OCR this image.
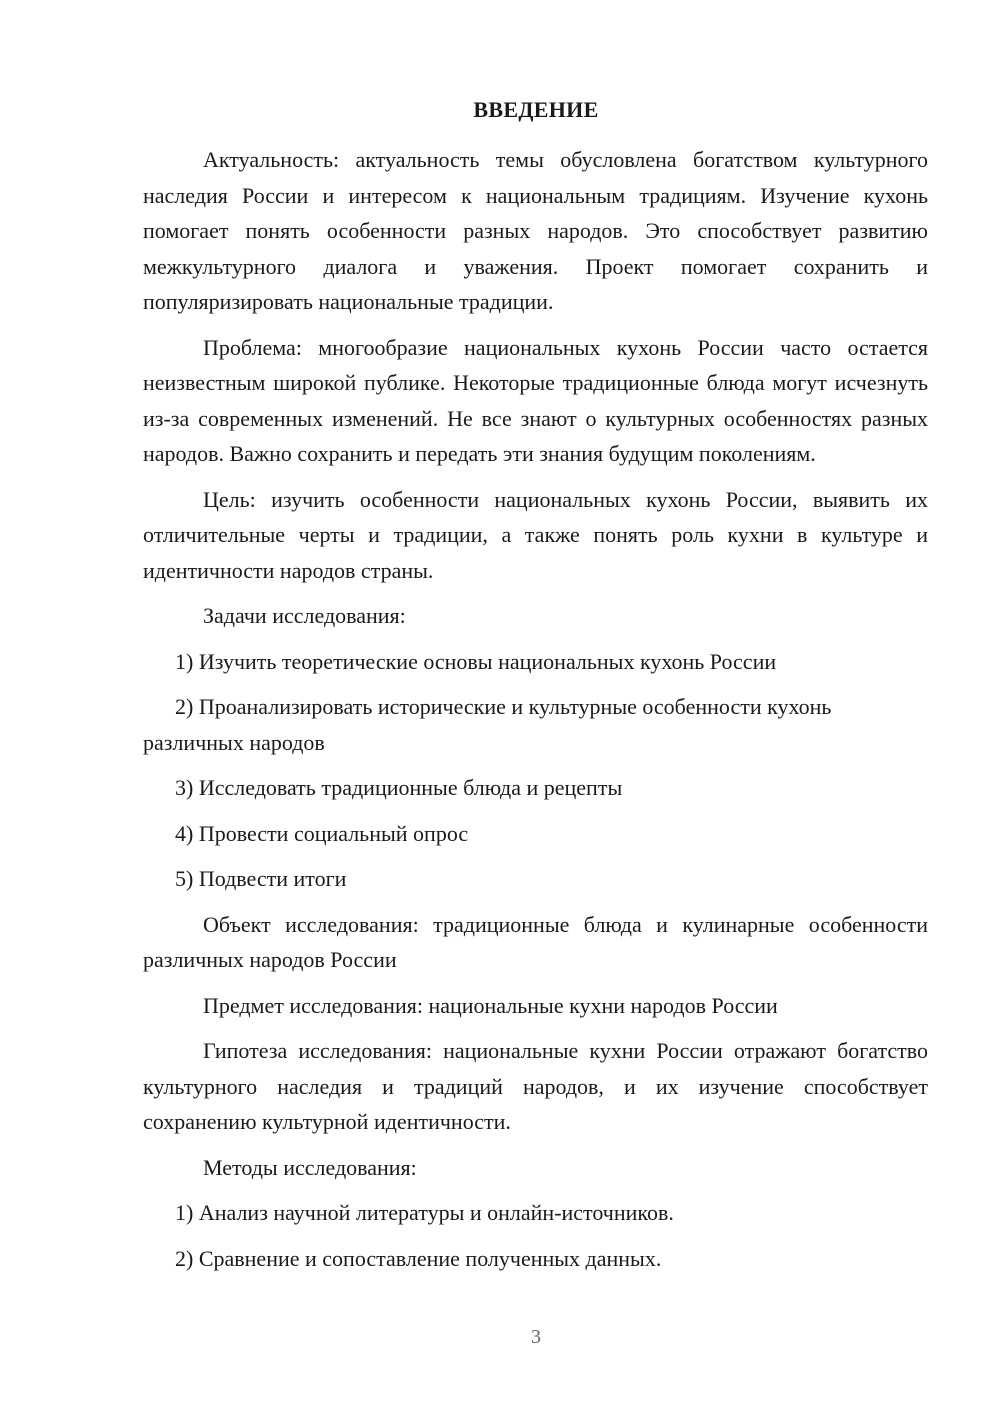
ВВЕДЕНИЕ

Актуальность: актуальность темы обусловлена богатством культурного наследия России и интересом к национальным традициям. Изучение кухонь помогает понять особенности разных народов. Это способствует развитию межкультурного диалога и уважения. Проект помогает сохранить и популяризировать национальные традиции.

Проблема: многообразие национальных кухонь России часто остается неизвестным широкой публике. Некоторые традиционные блюда могут исчезнуть из-за современных изменений. Не все знают о культурных особенностях разных народов. Важно сохранить и передать эти знания будущим поколениям.

Цель: изучить особенности национальных кухонь России, выявить их отличительные черты и традиции, а также понять роль кухни в культуре и идентичности народов страны.

Задачи исследования:

1) Изучить теоретические основы национальных кухонь России

2) Проанализировать исторические и культурные особенности кухонь различных народов

3) Исследовать традиционные блюда и рецепты

4) Провести социальный опрос

5) Подвести итоги

Объект исследования: традиционные блюда и кулинарные особенности различных народов России

Предмет исследования: национальные кухни народов России

Гипотеза исследования: национальные кухни России отражают богатство культурного наследия и традиций народов, и их изучение способствует сохранению культурной идентичности.

Методы исследования:

1) Анализ научной литературы и онлайн-источников.

2) Сравнение и сопоставление полученных данных.

3
